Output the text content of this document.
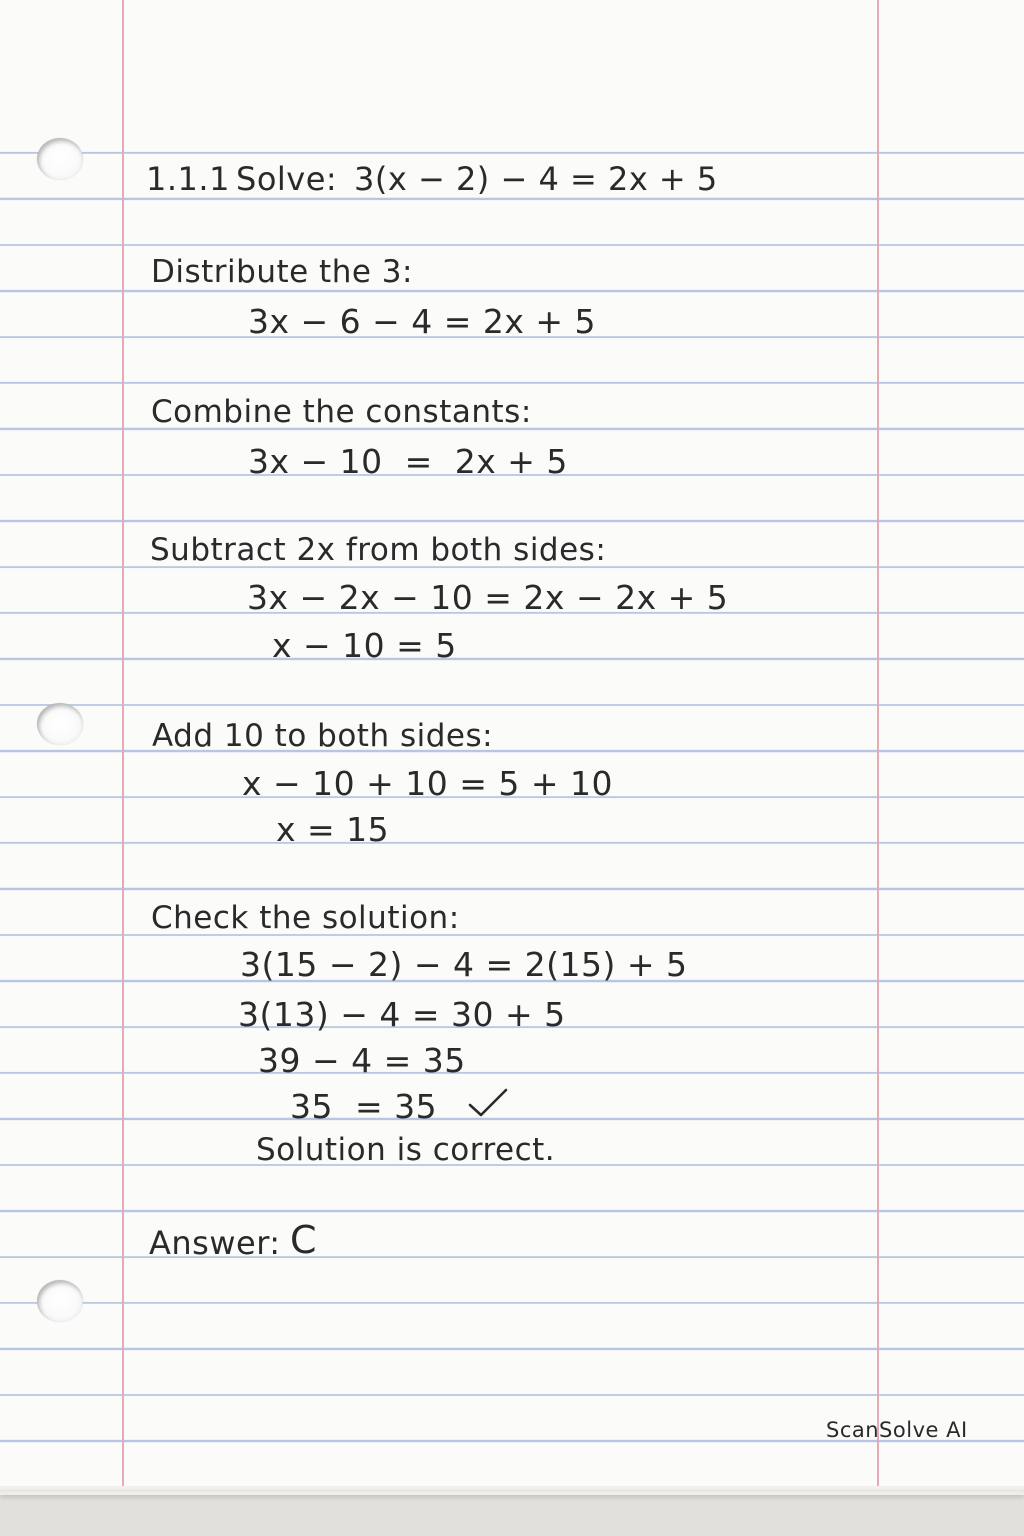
1.1.1 Solve: 3(x − 2) − 4 = 2x + 5
Distribute the 3:
3x − 6 − 4 = 2x + 5
Combine the constants:
3x − 10  =  2x + 5
Subtract 2x from both sides:
3x − 2x − 10 = 2x − 2x + 5
x − 10 = 5
Add 10 to both sides:
x − 10 + 10 = 5 + 10
x = 15
Check the solution:
3(15 − 2) − 4 = 2(15) + 5
3(13) − 4 = 30 + 5
39 − 4 = 35
35  = 35
Solution is correct.
Answer: C
ScanSolve AI
